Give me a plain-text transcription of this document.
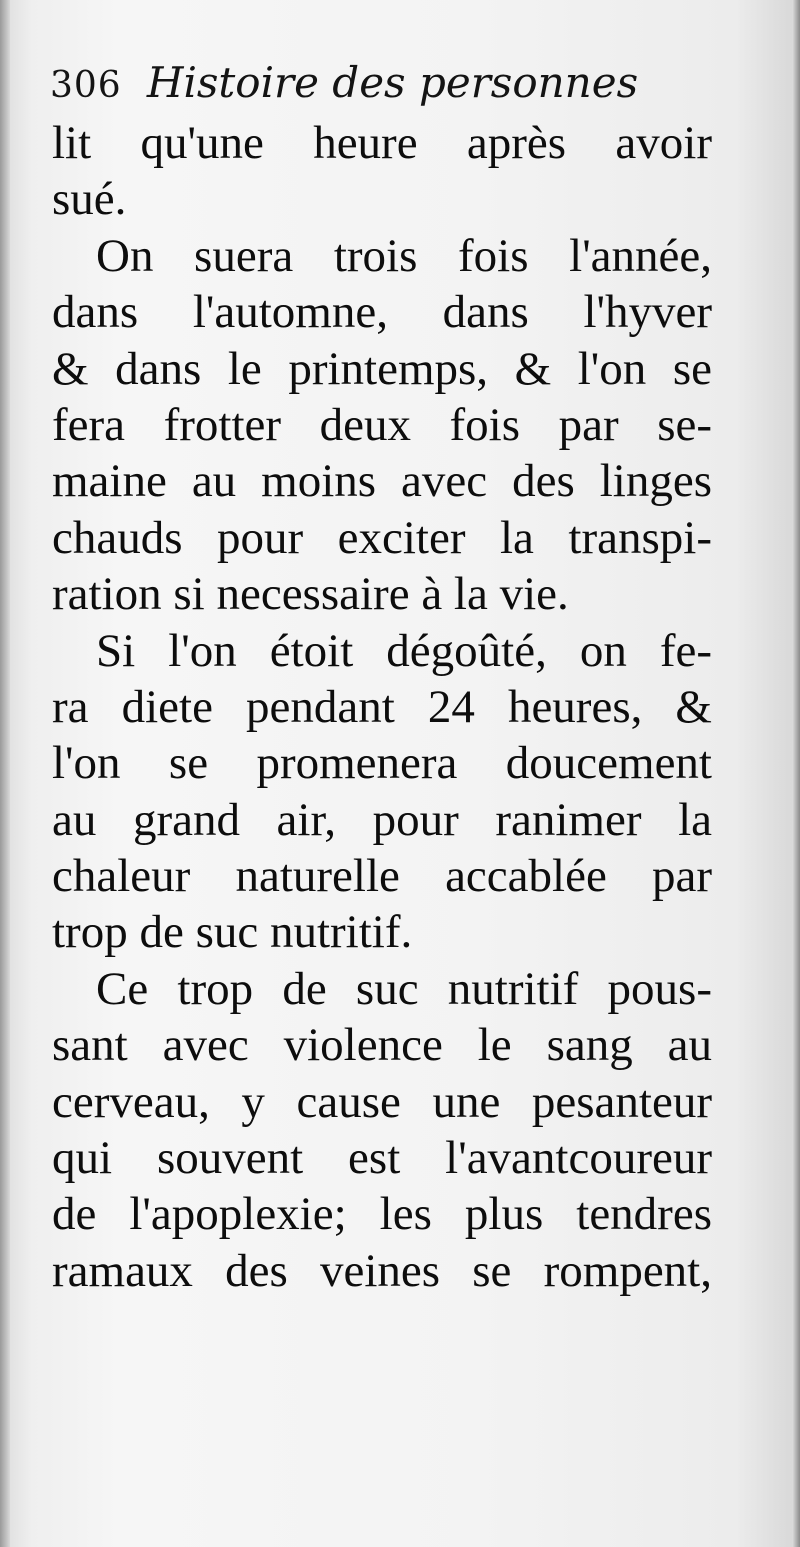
306 Histoire des personnes
lit qu'une heure après avoir
sué.
On suera trois fois l'année,
dans l'automne, dans l'hyver
& dans le printemps, & l'on se
fera frotter deux fois par se-
maine au moins avec des linges
chauds pour exciter la transpi-
ration si necessaire à la vie.
Si l'on étoit dégoûté, on fe-
ra diete pendant 24 heures, &
l'on se promenera doucement
au grand air, pour ranimer la
chaleur naturelle accablée par
trop de suc nutritif.
Ce trop de suc nutritif pous-
sant avec violence le sang au
cerveau, y cause une pesanteur
qui souvent est l'avantcoureur
de l'apoplexie; les plus tendres
ramaux des veines se rompent,
